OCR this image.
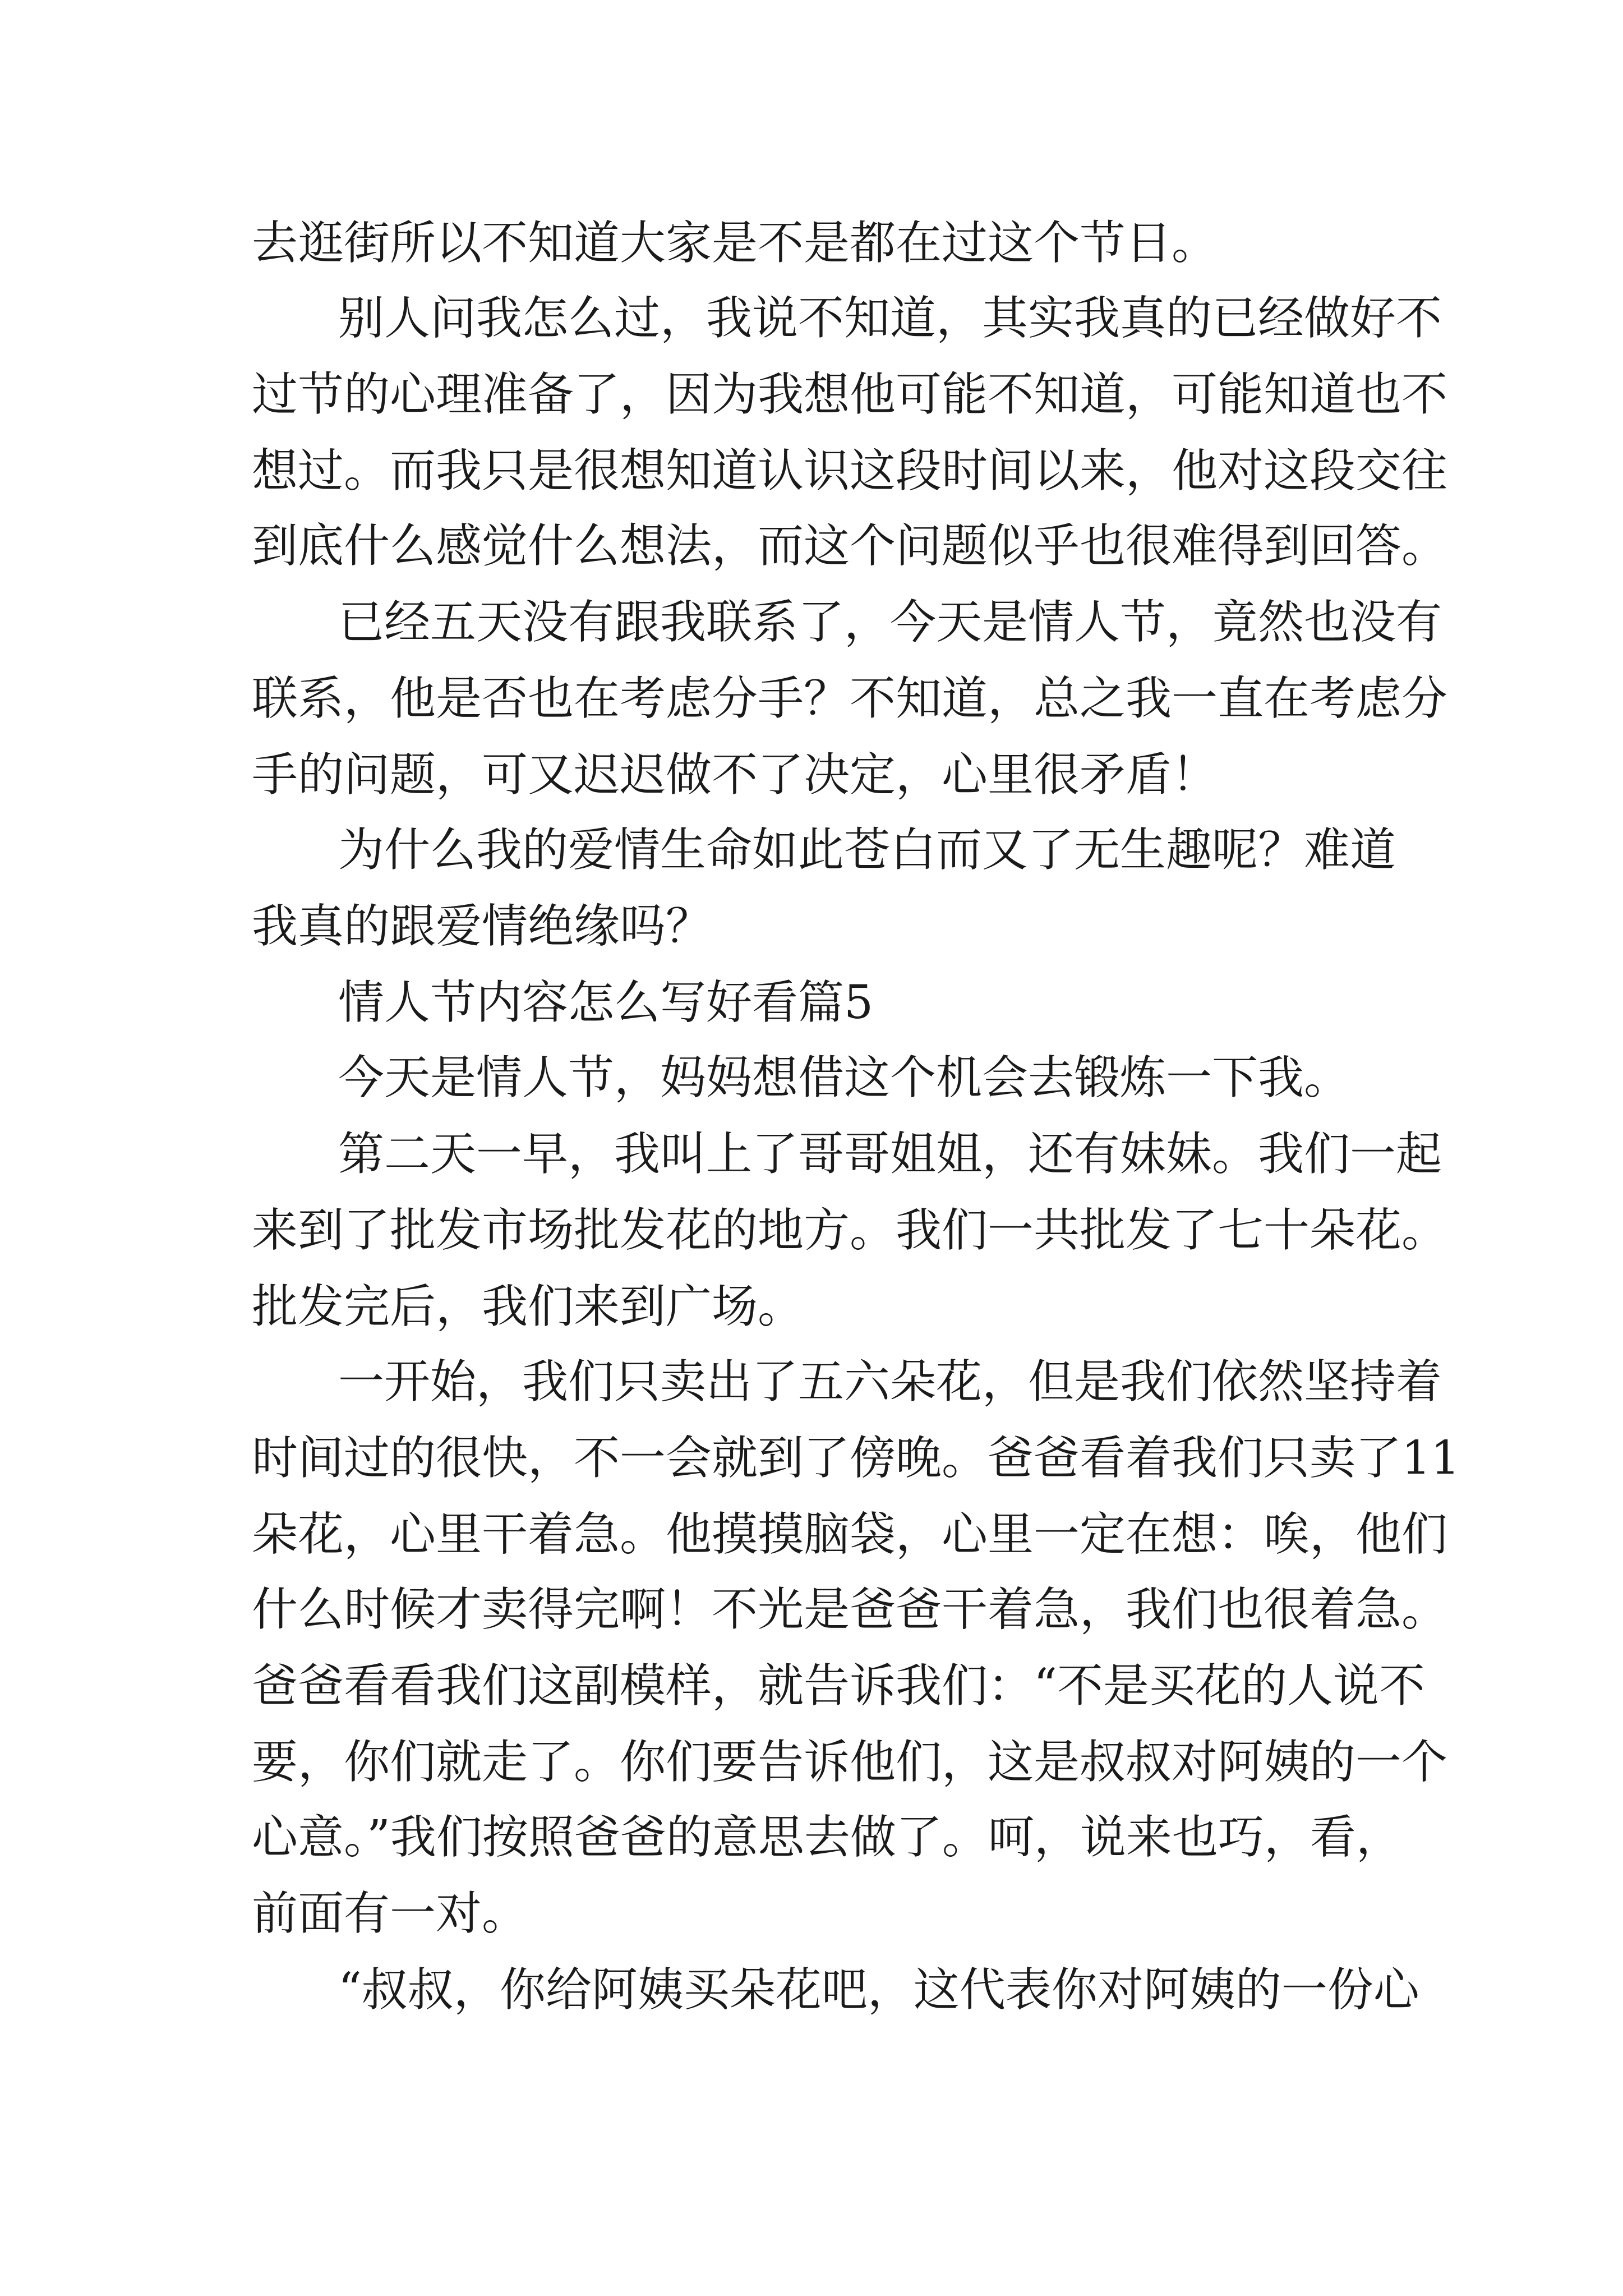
去逛街所以不知道大家是不是都在过这个节日。
别人问我怎么过，我说不知道，其实我真的已经做好不
过节的心理准备了，因为我想他可能不知道，可能知道也不
想过。而我只是很想知道认识这段时间以来，他对这段交往
到底什么感觉什么想法，而这个问题似乎也很难得到回答。
已经五天没有跟我联系了，今天是情人节，竟然也没有
联系，他是否也在考虑分手？不知道，总之我一直在考虑分
手的问题，可又迟迟做不了决定，心里很矛盾！
为什么我的爱情生命如此苍白而又了无生趣呢？难道
我真的跟爱情绝缘吗？
情人节内容怎么写好看篇5
今天是情人节，妈妈想借这个机会去锻炼一下我。
第二天一早，我叫上了哥哥姐姐，还有妹妹。我们一起
来到了批发市场批发花的地方。我们一共批发了七十朵花。
批发完后，我们来到广场。
一开始，我们只卖出了五六朵花，但是我们依然坚持着
时间过的很快，不一会就到了傍晚。爸爸看着我们只卖了11
朵花，心里干着急。他摸摸脑袋，心里一定在想：唉，他们
什么时候才卖得完啊！不光是爸爸干着急，我们也很着急。
爸爸看看我们这副模样，就告诉我们：“不是买花的人说不
要，你们就走了。你们要告诉他们，这是叔叔对阿姨的一个
心意。”我们按照爸爸的意思去做了。呵，说来也巧，看，
前面有一对。
“叔叔，你给阿姨买朵花吧，这代表你对阿姨的一份心
